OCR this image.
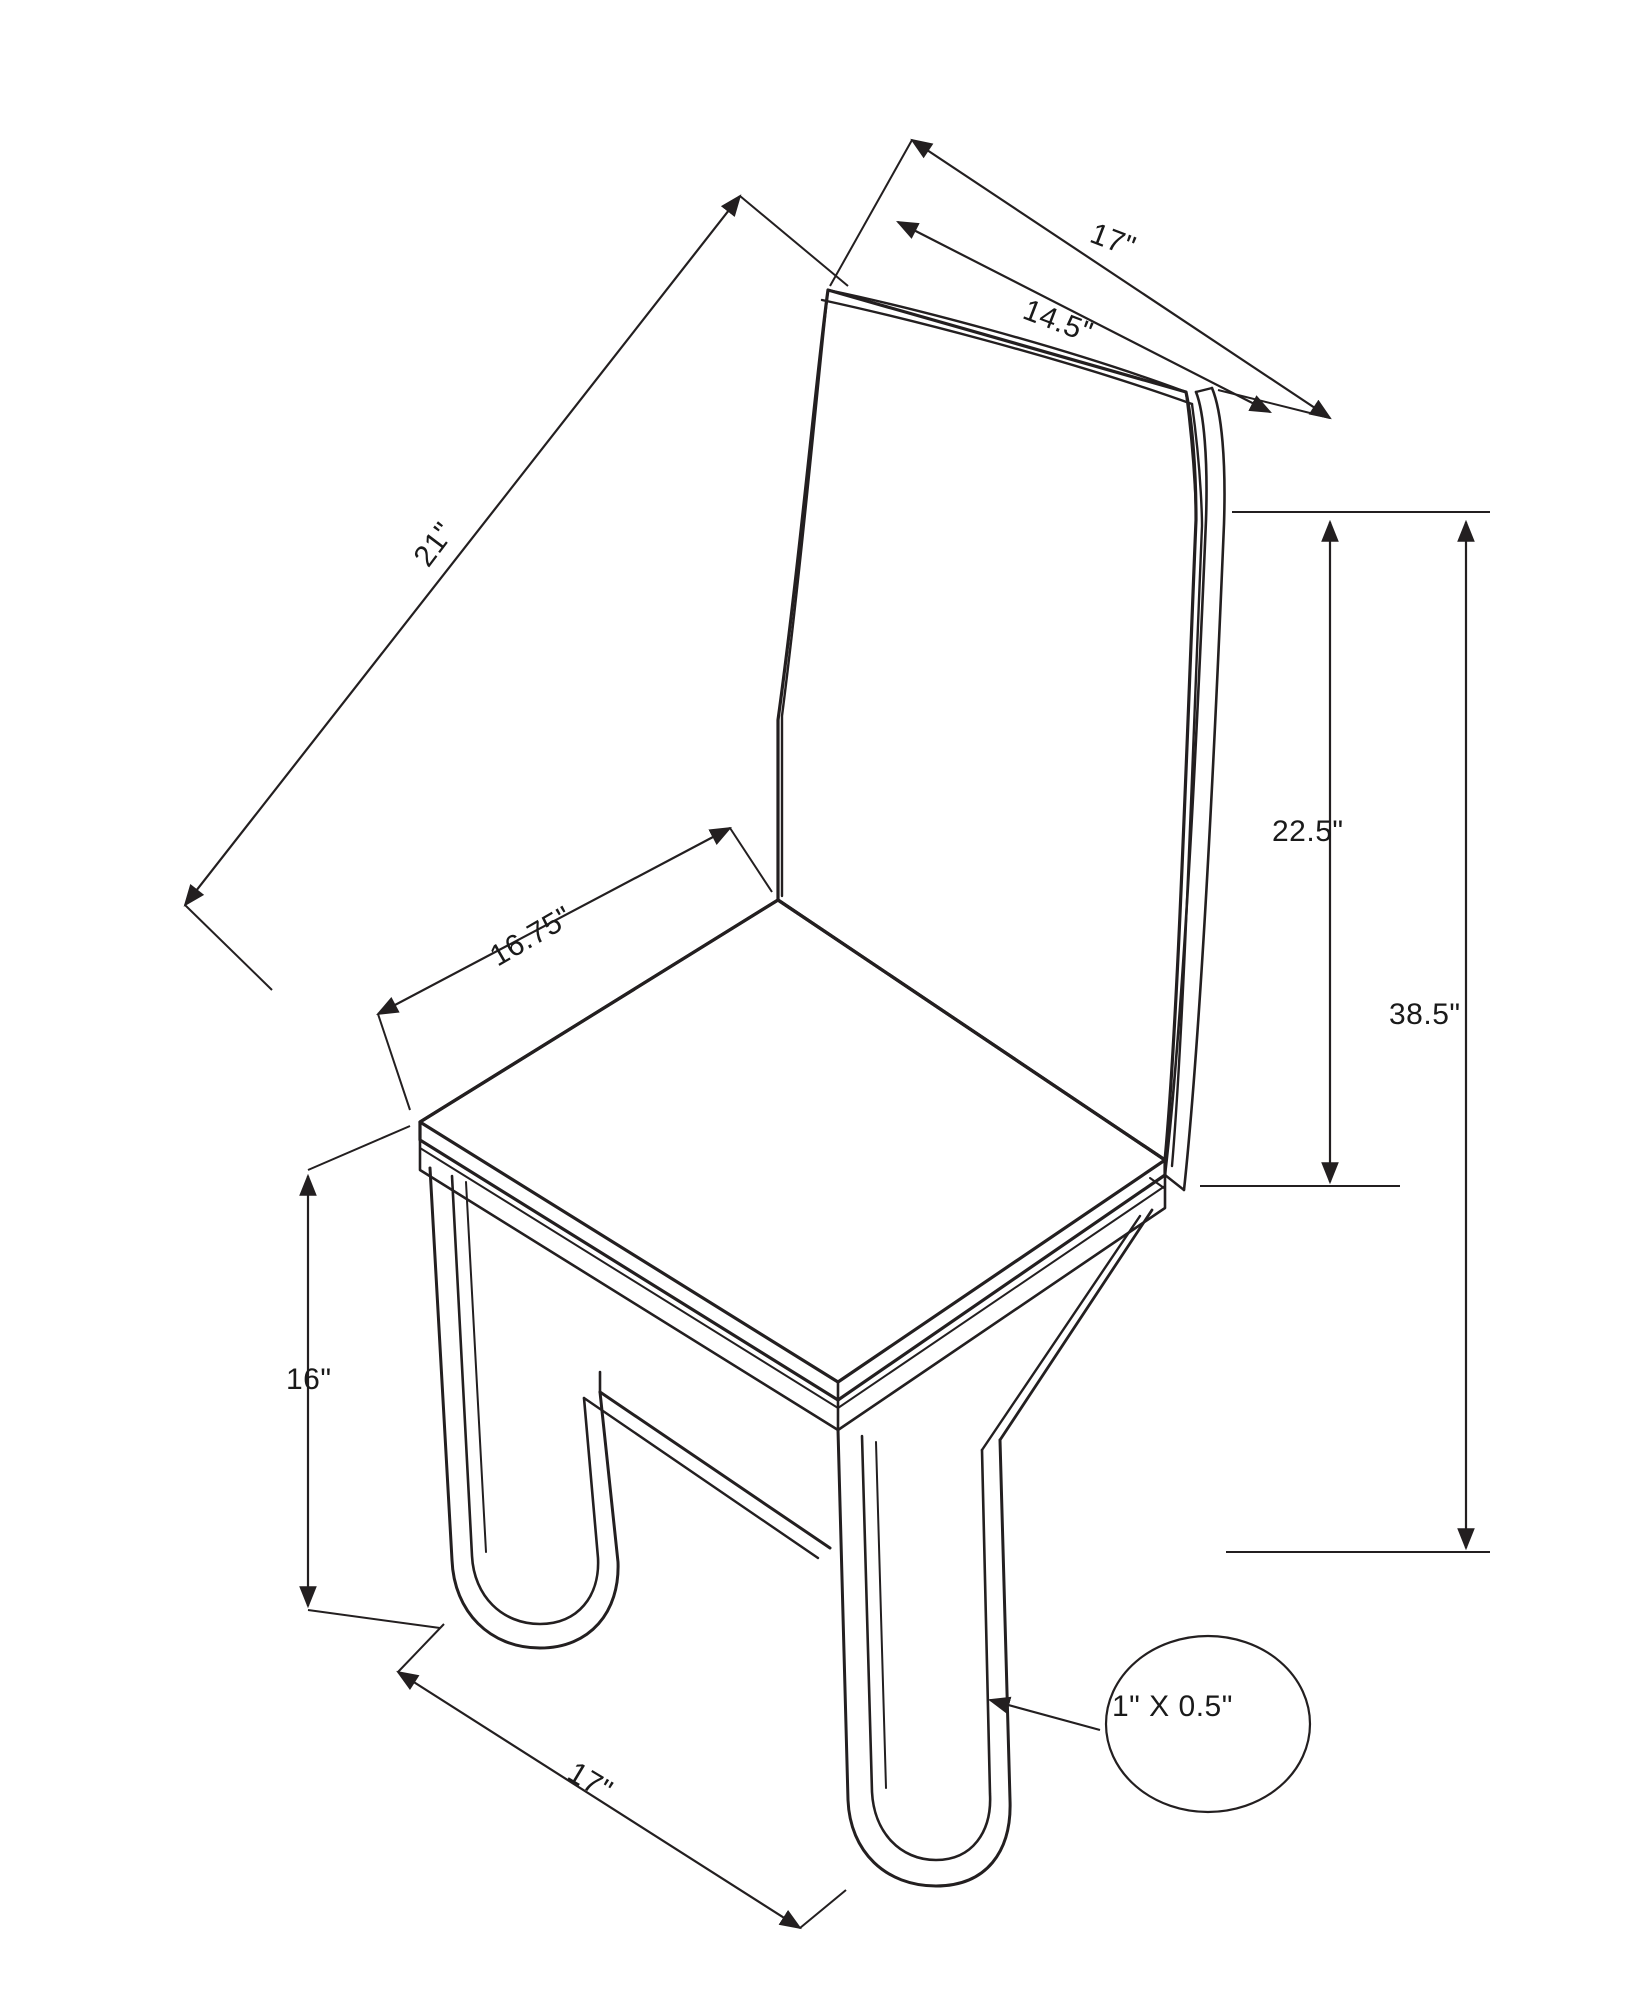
21"
17"
14.5"
22.5"
38.5"
16.75"
16"
17"
1" X 0.5"
